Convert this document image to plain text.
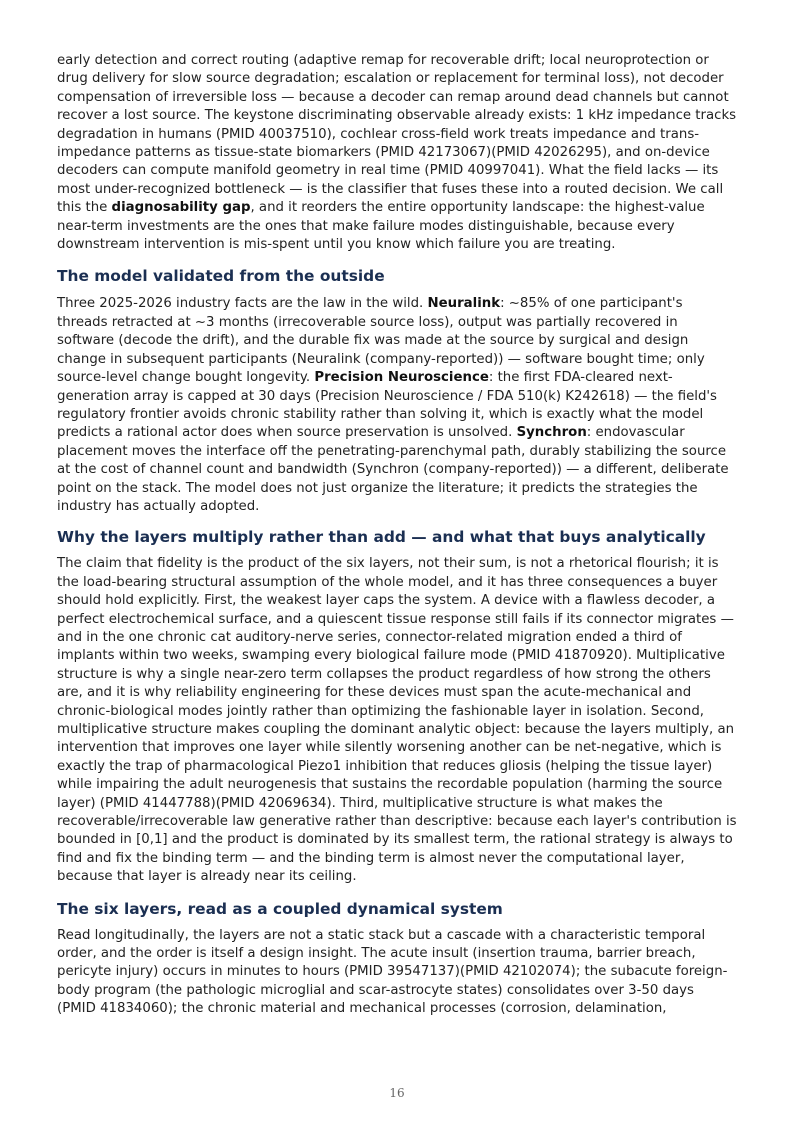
early detection and correct routing (adaptive remap for recoverable drift; local neuroprotection or drug delivery for slow source degradation; escalation or replacement for terminal loss), not decoder compensation of irreversible loss — because a decoder can remap around dead channels but cannot recover a lost source. The keystone discriminating observable already exists: 1 kHz impedance tracks degradation in humans (PMID 40037510), cochlear cross-field work treats impedance and trans-impedance patterns as tissue-state biomarkers (PMID 42173067)(PMID 42026295), and on-device decoders can compute manifold geometry in real time (PMID 40997041). What the field lacks — its most under-recognized bottleneck — is the classifier that fuses these into a routed decision. We call this the diagnosability gap, and it reorders the entire opportunity landscape: the highest-value near-term investments are the ones that make failure modes distinguishable, because every downstream intervention is mis-spent until you know which failure you are treating.

The model validated from the outside

Three 2025-2026 industry facts are the law in the wild. Neuralink: ~85% of one participant's threads retracted at ~3 months (irrecoverable source loss), output was partially recovered in software (decode the drift), and the durable fix was made at the source by surgical and design change in subsequent participants (Neuralink (company-reported)) — software bought time; only source-level change bought longevity. Precision Neuroscience: the first FDA-cleared next-generation array is capped at 30 days (Precision Neuroscience / FDA 510(k) K242618) — the field's regulatory frontier avoids chronic stability rather than solving it, which is exactly what the model predicts a rational actor does when source preservation is unsolved. Synchron: endovascular placement moves the interface off the penetrating-parenchymal path, durably stabilizing the source at the cost of channel count and bandwidth (Synchron (company-reported)) — a different, deliberate point on the stack. The model does not just organize the literature; it predicts the strategies the industry has actually adopted.

Why the layers multiply rather than add — and what that buys analytically

The claim that fidelity is the product of the six layers, not their sum, is not a rhetorical flourish; it is the load-bearing structural assumption of the whole model, and it has three consequences a buyer should hold explicitly. First, the weakest layer caps the system. A device with a flawless decoder, a perfect electrochemical surface, and a quiescent tissue response still fails if its connector migrates — and in the one chronic cat auditory-nerve series, connector-related migration ended a third of implants within two weeks, swamping every biological failure mode (PMID 41870920). Multiplicative structure is why a single near-zero term collapses the product regardless of how strong the others are, and it is why reliability engineering for these devices must span the acute-mechanical and chronic-biological modes jointly rather than optimizing the fashionable layer in isolation. Second, multiplicative structure makes coupling the dominant analytic object: because the layers multiply, an intervention that improves one layer while silently worsening another can be net-negative, which is exactly the trap of pharmacological Piezo1 inhibition that reduces gliosis (helping the tissue layer) while impairing the adult neurogenesis that sustains the recordable population (harming the source layer) (PMID 41447788)(PMID 42069634). Third, multiplicative structure is what makes the recoverable/irrecoverable law generative rather than descriptive: because each layer's contribution is bounded in [0,1] and the product is dominated by its smallest term, the rational strategy is always to find and fix the binding term — and the binding term is almost never the computational layer, because that layer is already near its ceiling.

The six layers, read as a coupled dynamical system

Read longitudinally, the layers are not a static stack but a cascade with a characteristic temporal order, and the order is itself a design insight. The acute insult (insertion trauma, barrier breach, pericyte injury) occurs in minutes to hours (PMID 39547137)(PMID 42102074); the subacute foreign-body program (the pathologic microglial and scar-astrocyte states) consolidates over 3-50 days (PMID 41834060); the chronic material and mechanical processes (corrosion, delamination,

16
